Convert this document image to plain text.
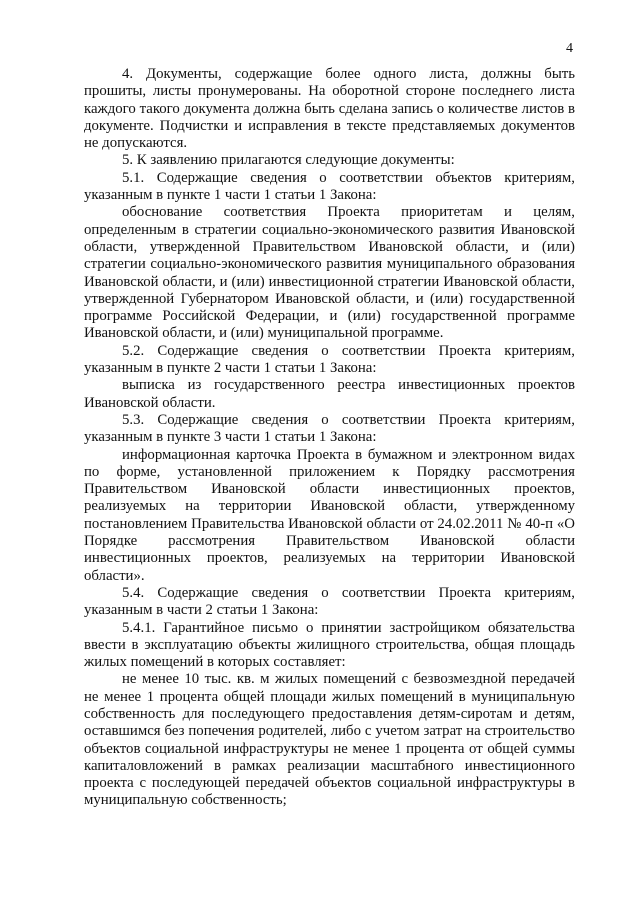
4

4. Документы, содержащие более одного листа, должны быть прошиты, листы пронумерованы. На оборотной стороне последнего листа каждого такого документа должна быть сделана запись о количестве листов в документе. Подчистки и исправления в тексте представляемых документов не допускаются.

5. К заявлению прилагаются следующие документы:

5.1. Содержащие сведения о соответствии объектов критериям, указанным в пункте 1 части 1 статьи 1 Закона:

обоснование соответствия Проекта приоритетам и целям, определенным в стратегии социально-экономического развития Ивановской области, утвержденной Правительством Ивановской области, и (или) стратегии социально-экономического развития муниципального образования Ивановской области, и (или) инвестиционной стратегии Ивановской области, утвержденной Губернатором Ивановской области, и (или) государственной программе Российской Федерации, и (или) государственной программе Ивановской области, и (или) муниципальной программе.

5.2. Содержащие сведения о соответствии Проекта критериям, указанным в пункте 2 части 1 статьи 1 Закона:

выписка из государственного реестра инвестиционных проектов Ивановской области.

5.3. Содержащие сведения о соответствии Проекта критериям, указанным в пункте 3 части 1 статьи 1 Закона:

информационная карточка Проекта в бумажном и электронном видах по форме, установленной приложением к Порядку рассмотрения Правительством Ивановской области инвестиционных проектов, реализуемых на территории Ивановской области, утвержденному постановлением Правительства Ивановской области от 24.02.2011 № 40-п «О Порядке рассмотрения Правительством Ивановской области инвестиционных проектов, реализуемых на территории Ивановской области».

5.4. Содержащие сведения о соответствии Проекта критериям, указанным в части 2 статьи 1 Закона:

5.4.1. Гарантийное письмо о принятии застройщиком обязательства ввести в эксплуатацию объекты жилищного строительства, общая площадь жилых помещений в которых составляет:

не менее 10 тыс. кв. м жилых помещений с безвозмездной передачей не менее 1 процента общей площади жилых помещений в муниципальную собственность для последующего предоставления детям-сиротам и детям, оставшимся без попечения родителей, либо с учетом затрат на строительство объектов социальной инфраструктуры не менее 1 процента от общей суммы капиталовложений в рамках реализации масштабного инвестиционного проекта с последующей передачей объектов социальной инфраструктуры в муниципальную собственность;
